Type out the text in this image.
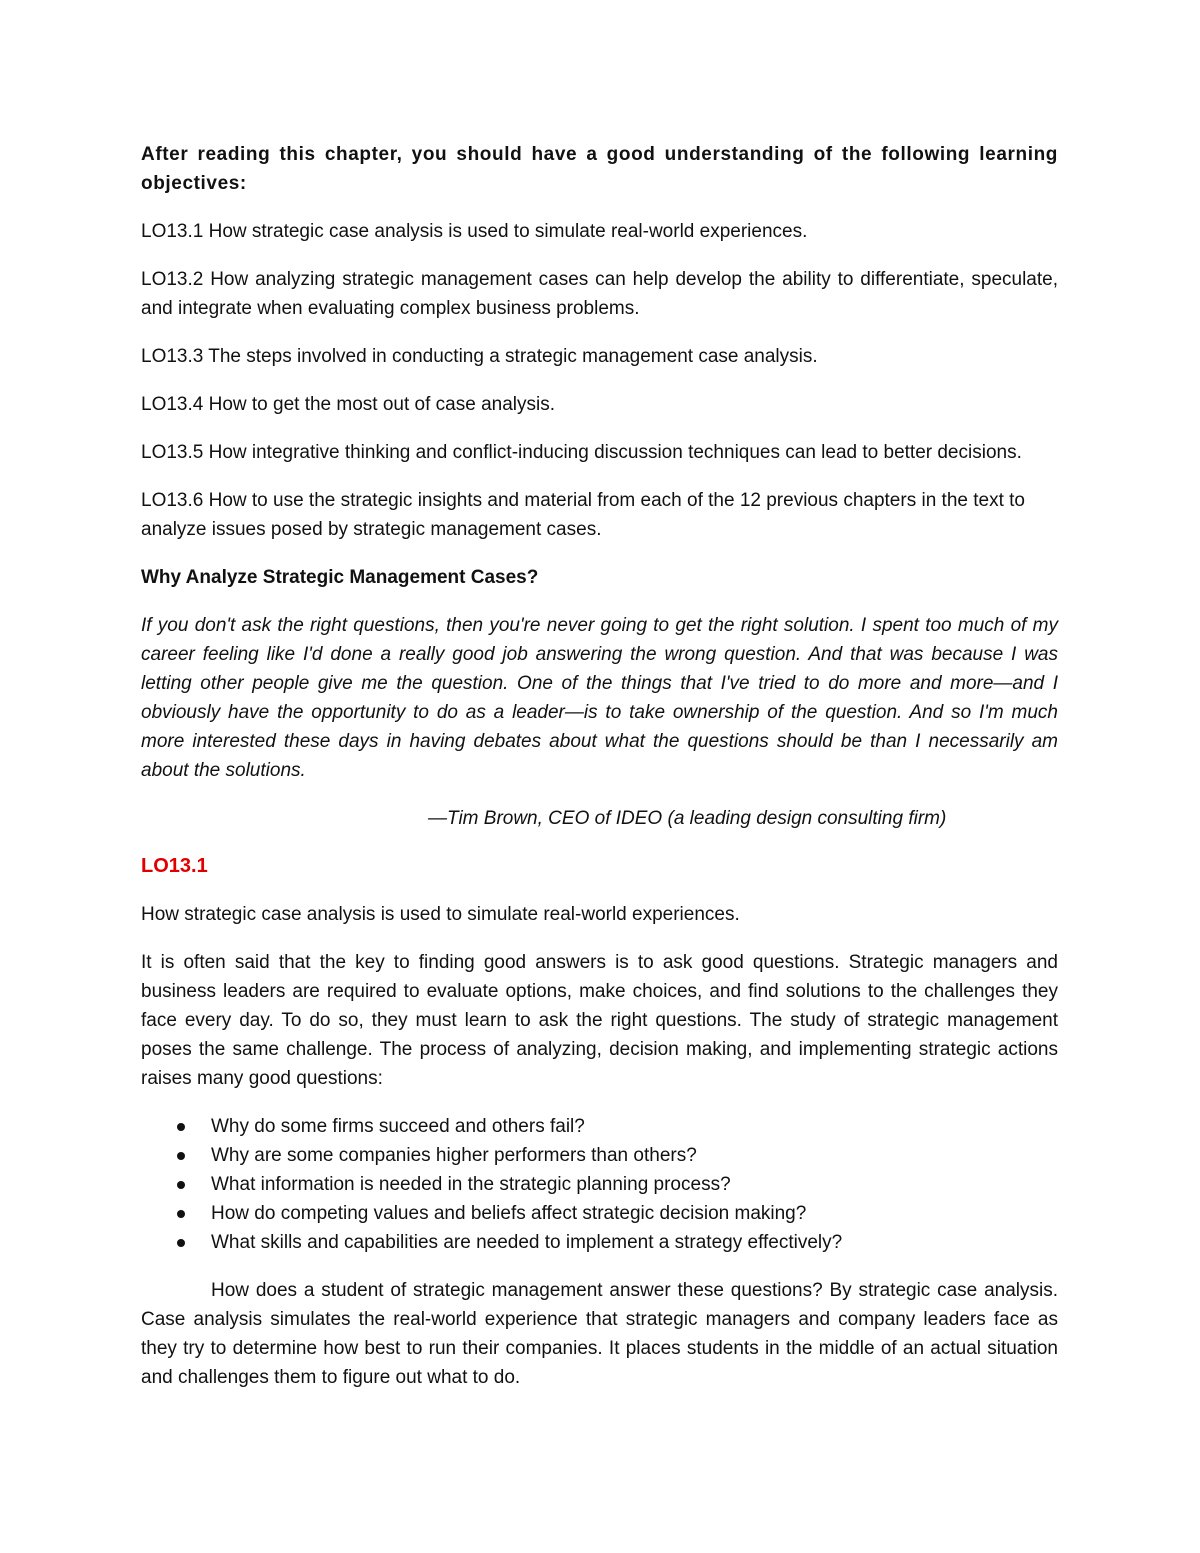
After reading this chapter, you should have a good understanding of the following learning objectives:

LO13.1 How strategic case analysis is used to simulate real-world experiences.

LO13.2 How analyzing strategic management cases can help develop the ability to differentiate, speculate, and integrate when evaluating complex business problems.

LO13.3 The steps involved in conducting a strategic management case analysis.

LO13.4 How to get the most out of case analysis.

LO13.5 How integrative thinking and conflict-inducing discussion techniques can lead to better decisions.

LO13.6 How to use the strategic insights and material from each of the 12 previous chapters in the text to analyze issues posed by strategic management cases.

Why Analyze Strategic Management Cases?

If you don't ask the right questions, then you're never going to get the right solution. I spent too much of my career feeling like I'd done a really good job answering the wrong question. And that was because I was letting other people give me the question. One of the things that I've tried to do more and more—and I obviously have the opportunity to do as a leader—is to take ownership of the question. And so I'm much more interested these days in having debates about what the questions should be than I necessarily am about the solutions.

—Tim Brown, CEO of IDEO (a leading design consulting firm)

LO13.1

How strategic case analysis is used to simulate real-world experiences.

It is often said that the key to finding good answers is to ask good questions. Strategic managers and business leaders are required to evaluate options, make choices, and find solutions to the challenges they face every day. To do so, they must learn to ask the right questions. The study of strategic management poses the same challenge. The process of analyzing, decision making, and implementing strategic actions raises many good questions:

Why do some firms succeed and others fail?
Why are some companies higher performers than others?
What information is needed in the strategic planning process?
How do competing values and beliefs affect strategic decision making?
What skills and capabilities are needed to implement a strategy effectively?

How does a student of strategic management answer these questions? By strategic case analysis. Case analysis simulates the real-world experience that strategic managers and company leaders face as they try to determine how best to run their companies. It places students in the middle of an actual situation and challenges them to figure out what to do.
